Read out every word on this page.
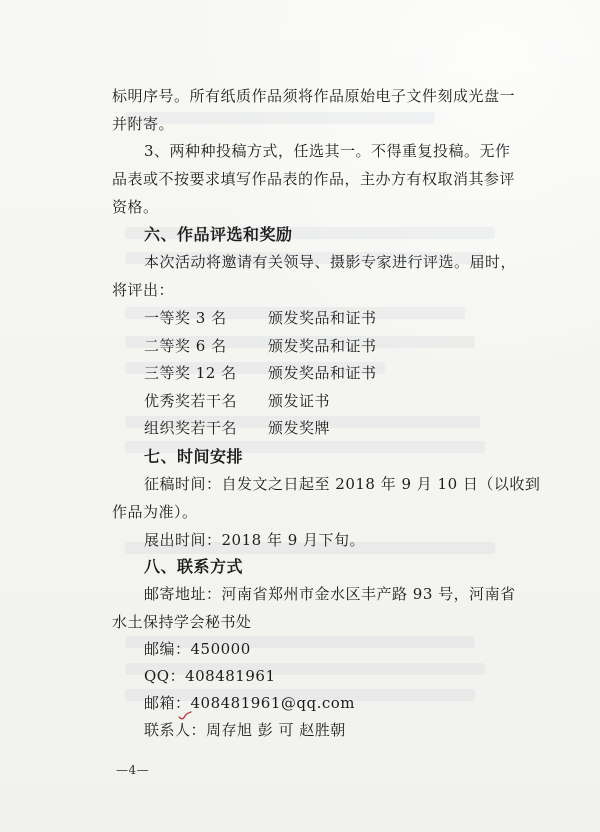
标明序号。所有纸质作品须将作品原始电子文件刻成光盘一
并附寄。
3、两种种投稿方式，任选其一。不得重复投稿。无作
品表或不按要求填写作品表的作品，主办方有权取消其参评
资格。
六、作品评选和奖励
本次活动将邀请有关领导、摄影专家进行评选。届时，
将评出：
一等奖 3 名	颁发奖品和证书
二等奖 6 名	颁发奖品和证书
三等奖 12 名 颁发奖品和证书
优秀奖若干名 颁发证书
组织奖若干名 颁发奖牌
七、时间安排
征稿时间：自发文之日起至 2018 年 9 月 10 日（以收到
作品为准）。
展出时间：2018 年 9 月下旬。
八、联系方式
邮寄地址：河南省郑州市金水区丰产路 93 号，河南省
水土保持学会秘书处
邮编：450000
QQ：408481961
邮箱：408481961@qq.com
联系人：周存旭 彭 可 赵胜朝
—4—
